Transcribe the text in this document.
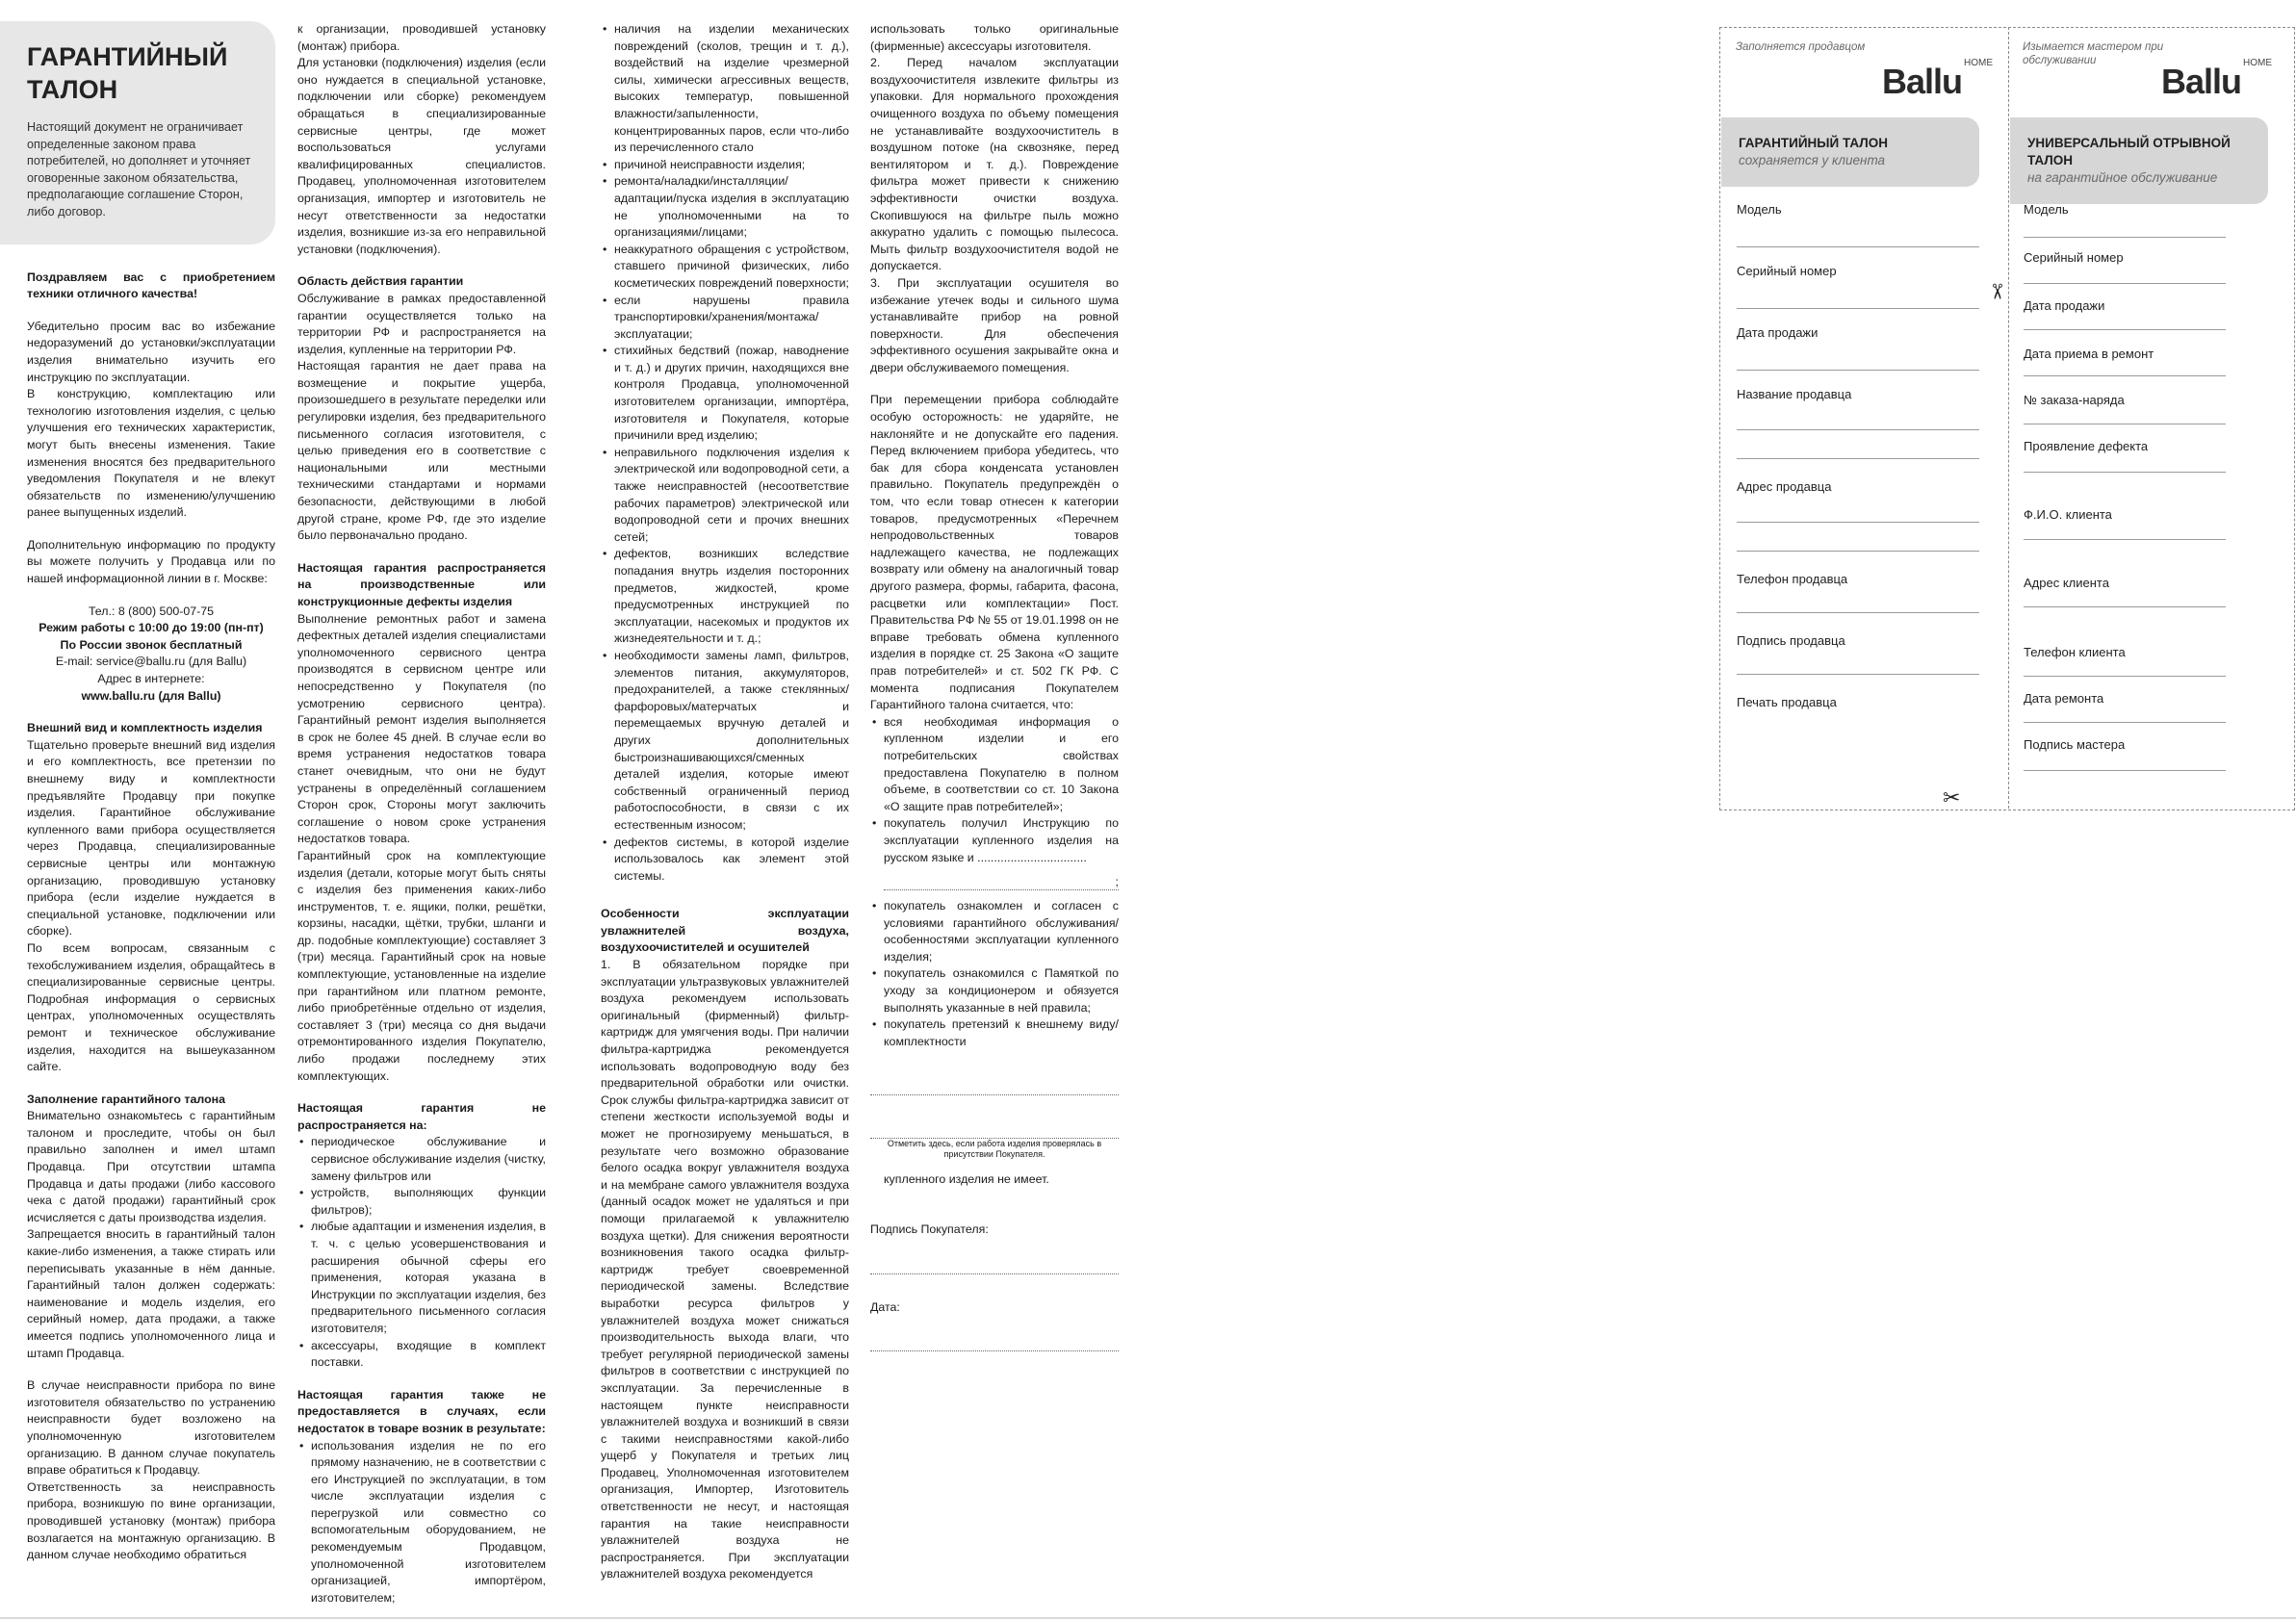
ГАРАНТИЙНЫЙ ТАЛОН

Настоящий документ не ограничивает определенные законом права потребителей, но дополняет и уточняет оговоренные законом обязательства, предполагающие соглашение Сторон, либо договор.

Поздравляем вас с приобретением техники отличного качества!

Убедительно просим вас во избежание недоразумений до установки/эксплуатации изделия внимательно изучить его инструкцию по эксплуатации.

В конструкцию, комплектацию или технологию изготовления изделия, с целью улучшения его технических характеристик, могут быть внесены изменения. Такие изменения вносятся без предварительного уведомления Покупателя и не влекут обязательств по изменению/улучшению ранее выпущенных изделий.

Дополнительную информацию по продукту вы можете получить у Продавца или по нашей информационной линии в г. Москве:

Тел.: 8 (800) 500-07-75

Режим работы с 10:00 до 19:00 (пн-пт)

По России звонок бесплатный

E-mail: service@ballu.ru (для Ballu)

Адрес в интернете:

www.ballu.ru (для Ballu)

Внешний вид и комплектность изделия

Тщательно проверьте внешний вид изделия и его комплектность, все претензии по внешнему виду и комплектности предъявляйте Продавцу при покупке изделия. Гарантийное обслуживание купленного вами прибора осуществляется через Продавца, специализированные сервисные центры или монтажную организацию, проводившую установку прибора (если изделие нуждается в специальной установке, подключении или сборке).

По всем вопросам, связанным с техобслуживанием изделия, обращайтесь в специализированные сервисные центры. Подробная информация о сервисных центрах, уполномоченных осуществлять ремонт и техническое обслуживание изделия, находится на вышеуказанном сайте.

Заполнение гарантийного талона

Внимательно ознакомьтесь с гарантийным талоном и проследите, чтобы он был правильно заполнен и имел штамп Продавца. При отсутствии штампа Продавца и даты продажи (либо кассового чека с датой продажи) гарантийный срок исчисляется с даты производства изделия.

Запрещается вносить в гарантийный талон какие-либо изменения, а также стирать или переписывать указанные в нём данные. Гарантийный талон должен содержать: наименование и модель изделия, его серийный номер, дата продажи, а также имеется подпись уполномоченного лица и штамп Продавца.

В случае неисправности прибора по вине изготовителя обязательство по устранению неисправности будет возложено на уполномоченную изготовителем организацию. В данном случае покупатель вправе обратиться к Продавцу.

Ответственность за неисправность прибора, возникшую по вине организации, проводившей установку (монтаж) прибора возлагается на монтажную организацию. В данном случае необходимо обратиться

к организации, проводившей установку (монтаж) прибора.

Для установки (подключения) изделия (если оно нуждается в специальной установке, подключении или сборке) рекомендуем обращаться в специализированные сервисные центры, где может воспользоваться услугами квалифицированных специалистов. Продавец, уполномоченная изготовителем организация, импортер и изготовитель не несут ответственности за недостатки изделия, возникшие из-за его неправильной установки (подключения).

Область действия гарантии

Обслуживание в рамках предоставленной гарантии осуществляется только на территории РФ и распространяется на изделия, купленные на территории РФ.

Настоящая гарантия не дает права на возмещение и покрытие ущерба, произошедшего в результате переделки или регулировки изделия, без предварительного письменного согласия изготовителя, с целью приведения его в соответствие с национальными или местными техническими стандартами и нормами безопасности, действующими в любой другой стране, кроме РФ, где это изделие было первоначально продано.

Настоящая гарантия распространяется на производственные или конструкционные дефекты изделия

Выполнение ремонтных работ и замена дефектных деталей изделия специалистами уполномоченного сервисного центра производятся в сервисном центре или непосредственно у Покупателя (по усмотрению сервисного центра). Гарантийный ремонт изделия выполняется в срок не более 45 дней. В случае если во время устранения недостатков товара станет очевидным, что они не будут устранены в определённый соглашением Сторон срок, Стороны могут заключить соглашение о новом сроке устранения недостатков товара.

Гарантийный срок на комплектующие изделия (детали, которые могут быть сняты с изделия без применения каких-либо инструментов, т. е. ящики, полки, решётки, корзины, насадки, щётки, трубки, шланги и др. подобные комплектующие) составляет 3 (три) месяца. Гарантийный срок на новые комплектующие, установленные на изделие при гарантийном или платном ремонте, либо приобретённые отдельно от изделия, составляет 3 (три) месяца со дня выдачи отремонтированного изделия Покупателю, либо продажи последнему этих комплектующих.

Настоящая гарантия не распространяется на:

• периодическое обслуживание и сервисное обслуживание изделия (чистку, замену фильтров или
• устройств, выполняющих функции фильтров);
• любые адаптации и изменения изделия, в т. ч. с целью усовершенствования и расширения обычной сферы его применения, которая указана в Инструкции по эксплуатации изделия, без предварительного письменного согласия изготовителя;
• аксессуары, входящие в комплект поставки.

Настоящая гарантия также не предоставляется в случаях, если недостаток в товаре возник в результате:

• использования изделия не по его прямому назначению, не в соответствии с его Инструкцией по эксплуатации, в том числе эксплуатации изделия с перегрузкой или совместно со вспомогательным оборудованием, не рекомендуемым Продавцом, уполномоченной изготовителем организацией, импортёром, изготовителем;
• наличия на изделии механических повреждений (сколов, трещин и т. д.), воздействий на изделие чрезмерной силы, химически агрессивных веществ, высоких температур, повышенной влажности/запыленности, концентрированных паров, если что-либо из перечисленного стало
• причиной неисправности изделия;
• ремонта/наладки/инсталляции/адаптации/пуска изделия в эксплуатацию не уполномоченными на то организациями/лицами;
• неаккуратного обращения с устройством, ставшего причиной физических, либо косметических повреждений поверхности;
• если нарушены правила транспортировки/хранения/монтажа/эксплуатации;
• стихийных бедствий (пожар, наводнение и т. д.) и других причин, находящихся вне контроля Продавца, уполномоченной изготовителем организации, импортёра, изготовителя и Покупателя, которые причинили вред изделию;
• неправильного подключения изделия к электрической или водопроводной сети, а также неисправностей (несоответствие рабочих параметров) электрической или водопроводной сети и прочих внешних сетей;
• дефектов, возникших вследствие попадания внутрь изделия посторонних предметов, жидкостей, кроме предусмотренных инструкцией по эксплуатации, насекомых и продуктов их жизнедеятельности и т. д.;
• необходимости замены ламп, фильтров, элементов питания, аккумуляторов, предохранителей, а также стеклянных/фарфоровых/матерчатых и перемещаемых вручную деталей и других дополнительных быстроизнашивающихся/сменных деталей изделия, которые имеют собственный ограниченный период работоспособности, в связи с их естественным износом;
• дефектов системы, в которой изделие использовалось как элемент этой системы.

Особенности эксплуатации увлажнителей воздуха, воздухоочистителей и осушителей

1. В обязательном порядке при эксплуатации ультразвуковых увлажнителей воздуха рекомендуем использовать оригинальный (фирменный) фильтр-картридж для умягчения воды. При наличии фильтра-картриджа рекомендуется использовать водопроводную воду без предварительной обработки или очистки. Срок службы фильтра-картриджа зависит от степени жесткости используемой воды и может не прогнозируему меньшаться, в результате чего возможно образование белого осадка вокруг увлажнителя воздуха и на мембране самого увлажнителя воздуха (данный осадок может не удаляться и при помощи прилагаемой к увлажнителю воздуха щетки). Для снижения вероятности возникновения такого осадка фильтр-картридж требует своевременной периодической замены. Вследствие выработки ресурса фильтров у увлажнителей воздуха может снижаться производительность выхода влаги, что требует регулярной периодической замены фильтров в соответствии с инструкцией по эксплуатации. За перечисленные в настоящем пункте неисправности увлажнителей воздуха и возникший в связи с такими неисправностями какой-либо ущерб у Покупателя и третьих лиц Продавец, Уполномоченная изготовителем организация, Импортер, Изготовитель ответственности не несут, и настоящая гарантия на такие неисправности увлажнителей воздуха не распространяется. При эксплуатации увлажнителей воздуха рекомендуется

использовать только оригинальные (фирменные) аксессуары изготовителя.

2. Перед началом эксплуатации воздухоочистителя извлеките фильтры из упаковки. Для нормального прохождения очищенного воздуха по объему помещения не устанавливайте воздухоочиститель в воздушном потоке (на сквозняке, перед вентилятором и т. д.). Повреждение фильтра может привести к снижению эффективности очистки воздуха. Скопившуюся на фильтре пыль можно аккуратно удалить с помощью пылесоса. Мыть фильтр воздухоочистителя водой не допускается.

3. При эксплуатации осушителя во избежание утечек воды и сильного шума устанавливайте прибор на ровной поверхности. Для обеспечения эффективного осушения закрывайте окна и двери обслуживаемого помещения.

При перемещении прибора соблюдайте особую осторожность: не ударяйте, не наклоняйте и не допускайте его падения. Перед включением прибора убедитесь, что бак для сбора конденсата установлен правильно. Покупатель предупреждён о том, что если товар отнесен к категории товаров, предусмотренных «Перечнем непродовольственных товаров надлежащего качества, не подлежащих возврату или обмену на аналогичный товар другого размера, формы, габарита, фасона, расцветки или комплектации» Пост. Правительства РФ № 55 от 19.01.1998 он не вправе требовать обмена купленного изделия в порядке ст. 25 Закона «О защите прав потребителей» и ст. 502 ГК РФ. С момента подписания Покупателем Гарантийного талона считается, что:

• вся необходимая информация о купленном изделии и его потребительских свойствах предоставлена Покупателю в полном объеме, в соответствии со ст. 10 Закона «О защите прав потребителей»;
• покупатель получил Инструкцию по эксплуатации купленного изделия на русском языке и .................................
;
• покупатель ознакомлен и согласен с условиями гарантийного обслуживания/особенностями эксплуатации купленного изделия;
• покупатель ознакомился с Памяткой по уходу за кондиционером и обязуется выполнять указанные в ней правила;
• покупатель претензий к внешнему виду/комплектности

Отметить здесь, если работа изделия проверялась в присутствии Покупателя.

купленного изделия не имеет.

Подпись Покупателя:

Дата:

Заполняется продавцом
Ballu HOME
ГАРАНТИЙНЫЙ ТАЛОН
сохраняется у клиента
Модель
Серийный номер
Дата продажи
Название продавца
Адрес продавца
Телефон продавца
Подпись продавца
Печать продавца
Изымается мастером при обслуживании
Ballu HOME
УНИВЕРСАЛЬНЫЙ ОТРЫВНОЙ ТАЛОН
на гарантийное обслуживание
Модель
Серийный номер
Дата продажи
Дата приема в ремонт
№ заказа-наряда
Проявление дефекта
Ф.И.О. клиента
Адрес клиента
Телефон клиента
Дата ремонта
Подпись мастера
✂
✂
